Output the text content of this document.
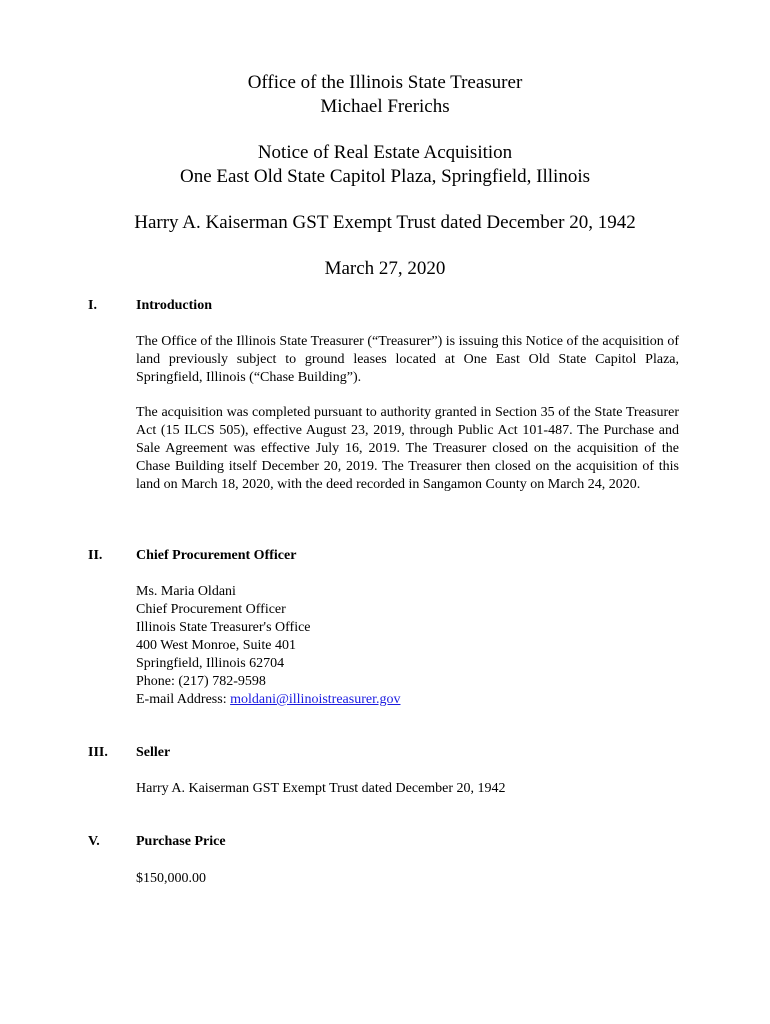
Office of the Illinois State Treasurer
Michael Frerichs
Notice of Real Estate Acquisition
One East Old State Capitol Plaza, Springfield, Illinois
Harry A. Kaiserman GST Exempt Trust dated December 20, 1942
March 27, 2020
I.	Introduction

The Office of the Illinois State Treasurer (“Treasurer”) is issuing this Notice of the acquisition of land previously subject to ground leases located at One East Old State Capitol Plaza, Springfield, Illinois (“Chase Building”).

The acquisition was completed pursuant to authority granted in Section 35 of the State Treasurer Act (15 ILCS 505), effective August 23, 2019, through Public Act 101-487. The Purchase and Sale Agreement was effective July 16, 2019. The Treasurer closed on the acquisition of the Chase Building itself December 20, 2019. The Treasurer then closed on the acquisition of this land on March 18, 2020, with the deed recorded in Sangamon County on March 24, 2020.

II. Chief Procurement Officer
Ms. Maria Oldani
Chief Procurement Officer
Illinois State Treasurer's Office
400 West Monroe, Suite 401
Springfield, Illinois 62704
Phone: (217) 782-9598
E-mail Address: moldani@illinoistreasurer.gov
III. Seller
Harry A. Kaiserman GST Exempt Trust dated December 20, 1942
V.	Purchase Price
$150,000.00
